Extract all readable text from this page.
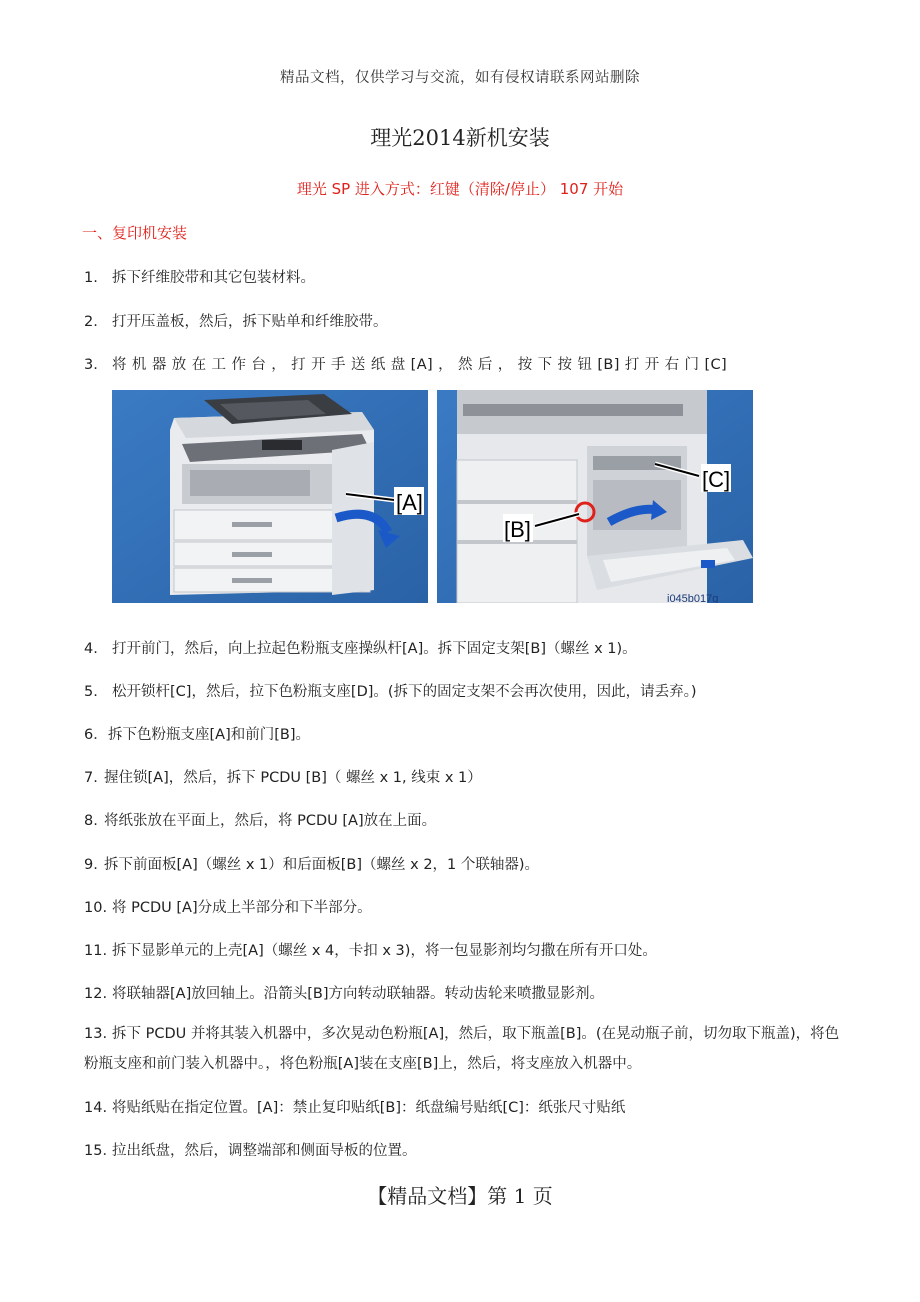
精品文档，仅供学习与交流，如有侵权请联系网站删除
理光2014新机安装
理光 SP 进入方式：红键（清除/停止） 107 开始
一、复印机安装
1. 拆下纤维胶带和其它包装材料。
2. 打开压盖板，然后，拆下贴单和纤维胶带。
3. 将 机 器 放 在 工 作 台 ， 打 开 手 送 纸 盘 [A] ， 然 后 ， 按 下 按 钮 [B] 打 开 右 门 [C]
[A]
[B]
[C]
i045b017g
4. 打开前门，然后，向上拉起色粉瓶支座操纵杆[A]。拆下固定支架[B]（螺丝 x 1)。
5. 松开锁杆[C]，然后，拉下色粉瓶支座[D]。(拆下的固定支架不会再次使用，因此，请丢弃。)
6．拆下色粉瓶支座[A]和前门[B]。
7. 握住锁[A]，然后，拆下 PCDU [B]（ 螺丝 x 1, 线束 x 1）
8. 将纸张放在平面上，然后，将 PCDU [A]放在上面。
9. 拆下前面板[A]（螺丝 x 1）和后面板[B]（螺丝 x 2，1 个联轴器)。
10. 将 PCDU [A]分成上半部分和下半部分。
11. 拆下显影单元的上壳[A]（螺丝 x 4，卡扣 x 3)，将一包显影剂均匀撒在所有开口处。
12. 将联轴器[A]放回轴上。沿箭头[B]方向转动联轴器。转动齿轮来喷撒显影剂。
13. 拆下 PCDU 并将其装入机器中，多次晃动色粉瓶[A]，然后，取下瓶盖[B]。(在晃动瓶子前，切勿取下瓶盖)，将色粉瓶支座和前门装入机器中。，将色粉瓶[A]装在支座[B]上，然后，将支座放入机器中。
14. 将贴纸贴在指定位置。[A]：禁止复印贴纸[B]：纸盘编号贴纸[C]：纸张尺寸贴纸
15．拉出纸盘，然后，调整端部和侧面导板的位置。
【精品文档】第 1 页
